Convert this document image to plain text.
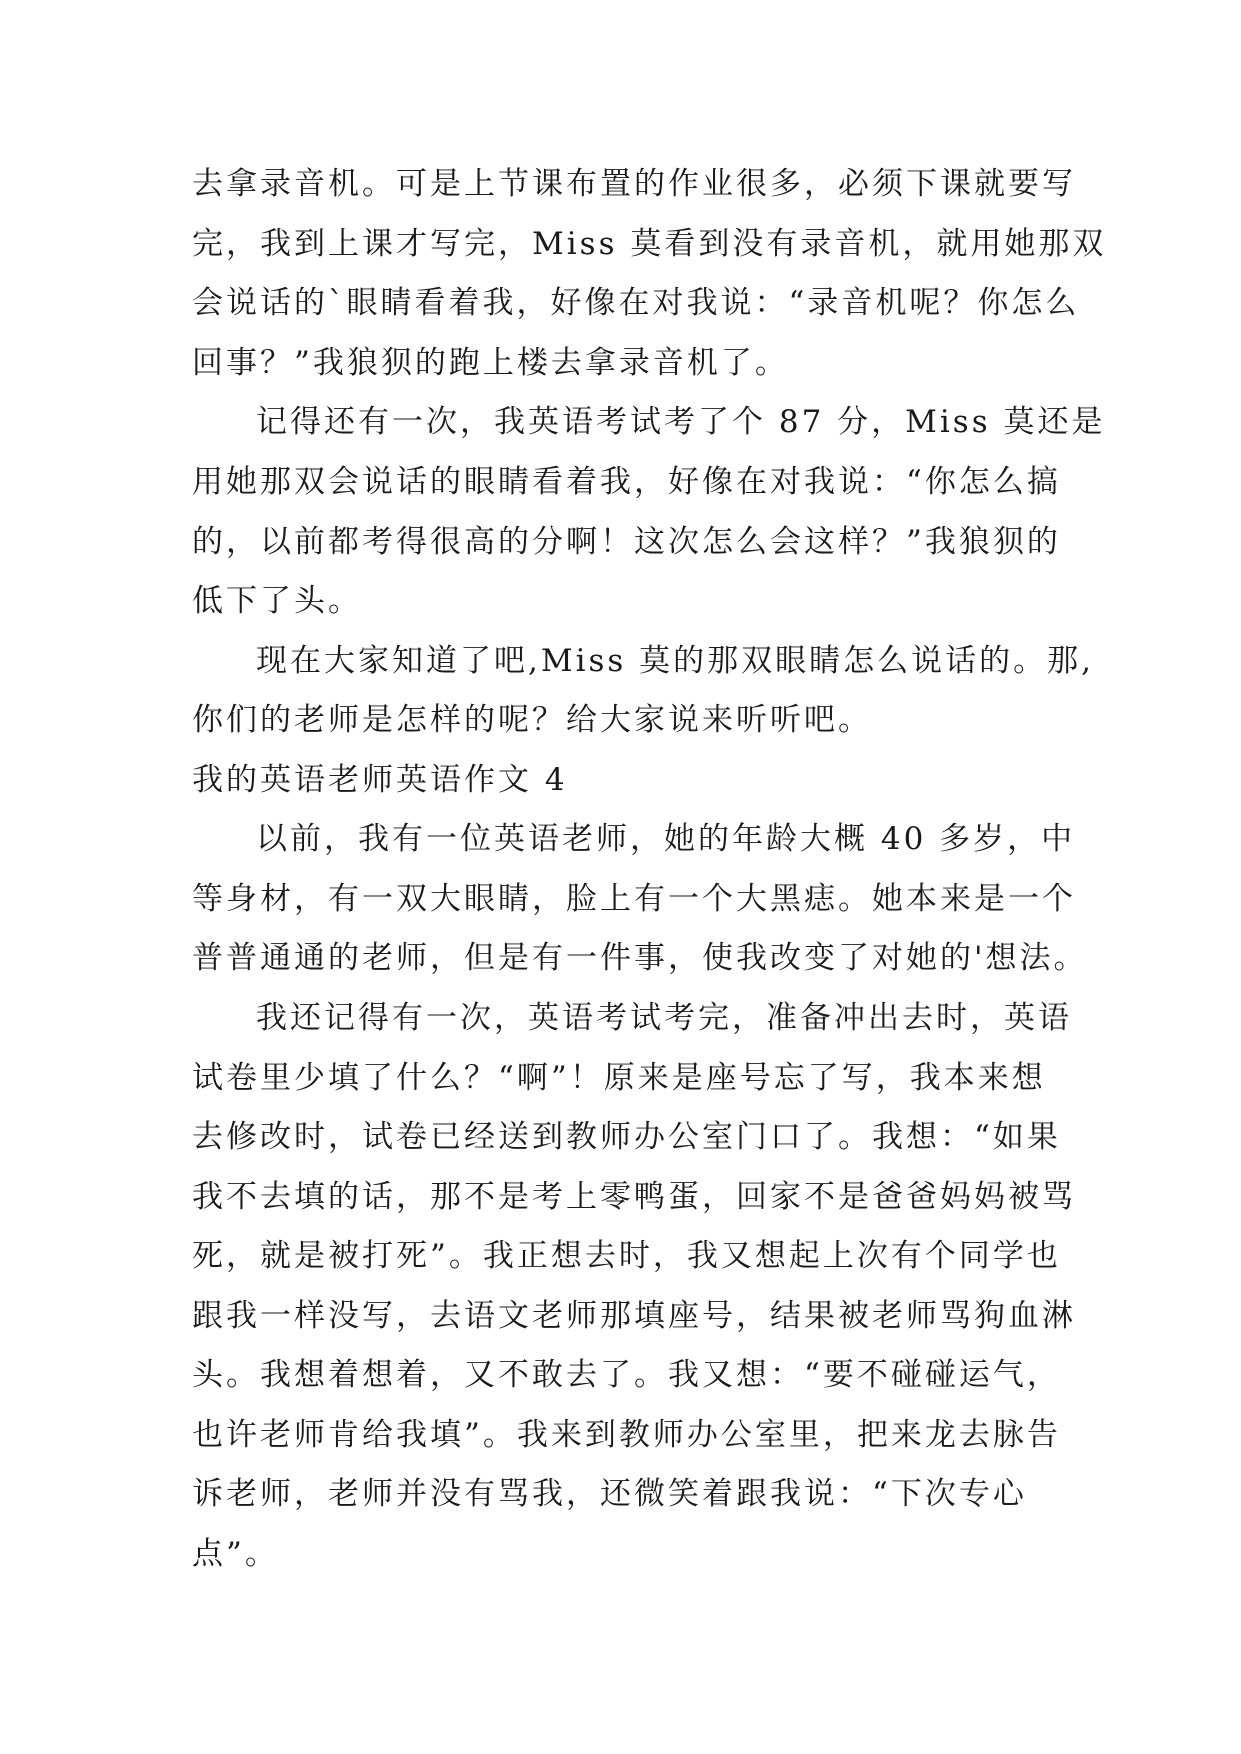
去拿录音机。可是上节课布置的作业很多，必须下课就要写
完，我到上课才写完，Miss 莫看到没有录音机，就用她那双
会说话的`眼睛看着我，好像在对我说：“录音机呢？你怎么
回事？”我狼狈的跑上楼去拿录音机了。
记得还有一次，我英语考试考了个 87 分，Miss 莫还是
用她那双会说话的眼睛看着我，好像在对我说：“你怎么搞
的，以前都考得很高的分啊！这次怎么会这样？”我狼狈的
低下了头。
现在大家知道了吧,Miss 莫的那双眼睛怎么说话的。那,
你们的老师是怎样的呢？给大家说来听听吧。
我的英语老师英语作文 4
以前，我有一位英语老师，她的年龄大概 40 多岁，中
等身材，有一双大眼睛，脸上有一个大黑痣。她本来是一个
普普通通的老师，但是有一件事，使我改变了对她的'想法。
我还记得有一次，英语考试考完，准备冲出去时，英语
试卷里少填了什么？“啊”！原来是座号忘了写，我本来想
去修改时，试卷已经送到教师办公室门口了。我想：“如果
我不去填的话，那不是考上零鸭蛋，回家不是爸爸妈妈被骂
死，就是被打死”。我正想去时，我又想起上次有个同学也
跟我一样没写，去语文老师那填座号，结果被老师骂狗血淋
头。我想着想着，又不敢去了。我又想：“要不碰碰运气，
也许老师肯给我填”。我来到教师办公室里，把来龙去脉告
诉老师，老师并没有骂我，还微笑着跟我说：“下次专心
点”。
